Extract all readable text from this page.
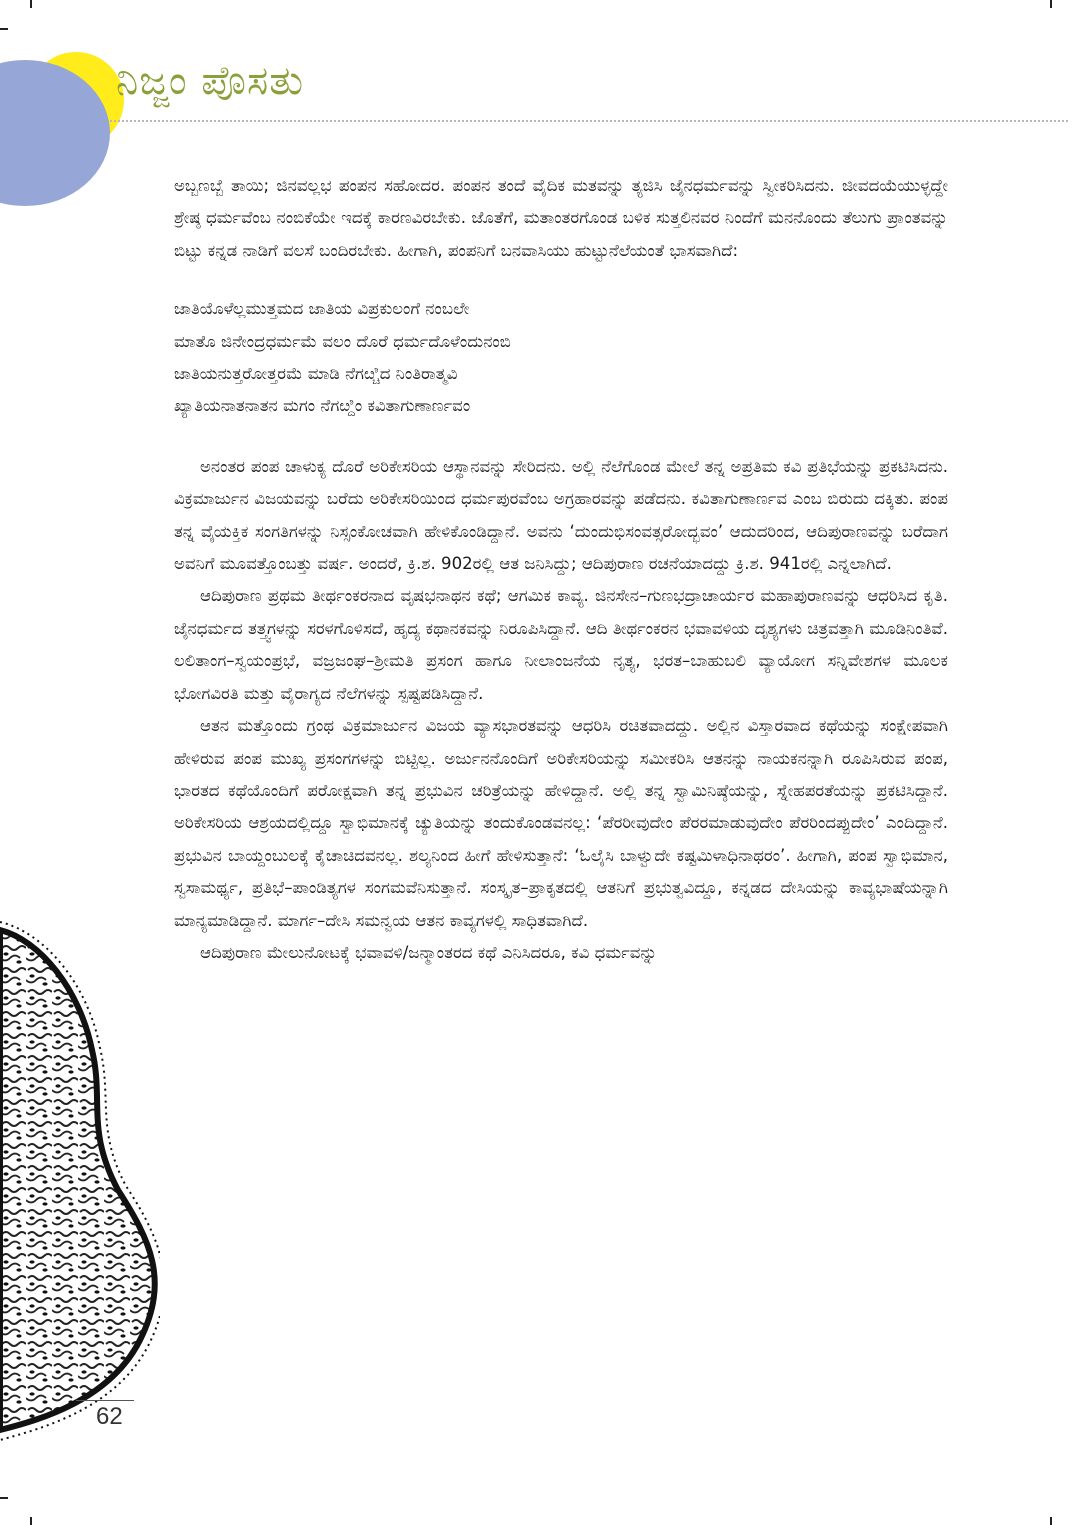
ನಿಜ್ಜಂ ಪೊಸತು

ಅಬ್ಬಣಬ್ಬೆ ತಾಯಿ; ಜಿನವಲ್ಲಭ ಪಂಪನ ಸಹೋದರ. ಪಂಪನ ತಂದೆ ವೈದಿಕ ಮತವನ್ನು ತ್ಯಜಿಸಿ ಜೈನಧರ್ಮವನ್ನು ಸ್ವೀಕರಿಸಿದನು. ಜೀವದಯೆಯುಳ್ಳದ್ದೇ ಶ್ರೇಷ್ಠ ಧರ್ಮವೆಂಬ ನಂಬಿಕೆಯೇ ಇದಕ್ಕೆ ಕಾರಣವಿರಬೇಕು. ಜೊತೆಗೆ, ಮತಾಂತರಗೊಂಡ ಬಳಿಕ ಸುತ್ತಲಿನವರ ನಿಂದೆಗೆ ಮನನೊಂದು ತೆಲುಗು ಪ್ರಾಂತವನ್ನು ಬಿಟ್ಟು ಕನ್ನಡ ನಾಡಿಗೆ ವಲಸೆ ಬಂದಿರಬೇಕು. ಹೀಗಾಗಿ, ಪಂಪನಿಗೆ ಬನವಾಸಿಯು ಹುಟ್ಟುನೆಲೆಯಂತೆ ಭಾಸವಾಗಿದೆ:

ಜಾತಿಯೊಳೆಲ್ಲಮುತ್ತಮದ ಜಾತಿಯ ವಿಪ್ರಕುಲಂಗೆ ನಂಬಲೇ
ಮಾತೊ ಜಿನೇಂದ್ರಧರ್ಮಮೆ ವಲಂ ದೊರೆ ಧರ್ಮದೊಳೆಂದುನಂಬಿ
ಜಾತಿಯನುತ್ತರೋತ್ತರಮೆ ಮಾಡಿ ನೆಗೞ್ಚಿದ ನಿಂತಿರಾತ್ಮವಿ
ಖ್ಯಾತಿಯನಾತನಾತನ ಮಗಂ ನೆಗೞ್ದಿಂ ಕವಿತಾಗುಣಾರ್ಣವಂ

ಅನಂತರ ಪಂಪ ಚಾಳುಕ್ಯ ದೊರೆ ಅರಿಕೇಸರಿಯ ಆಸ್ಥಾನವನ್ನು ಸೇರಿದನು. ಅಲ್ಲಿ ನೆಲೆಗೊಂಡ ಮೇಲೆ ತನ್ನ ಅಪ್ರತಿಮ ಕವಿ ಪ್ರತಿಭೆಯನ್ನು ಪ್ರಕಟಿಸಿದನು. ವಿಕ್ರಮಾರ್ಜುನ ವಿಜಯವನ್ನು ಬರೆದು ಅರಿಕೇಸರಿಯಿಂದ ಧರ್ಮಪುರವೆಂಬ ಅಗ್ರಹಾರವನ್ನು ಪಡೆದನು. ಕವಿತಾಗುಣಾರ್ಣವ ಎಂಬ ಬಿರುದು ದಕ್ಕಿತು. ಪಂಪ ತನ್ನ ವೈಯಕ್ತಿಕ ಸಂಗತಿಗಳನ್ನು ನಿಸ್ಸಂಕೋಚವಾಗಿ ಹೇಳಿಕೊಂಡಿದ್ದಾನೆ. ಅವನು ‘ದುಂದುಭಿಸಂವತ್ಸರೋದ್ಭವಂ’ ಆದುದರಿಂದ, ಆದಿಪುರಾಣವನ್ನು ಬರೆದಾಗ ಅವನಿಗೆ ಮೂವತ್ತೊಂಬತ್ತು ವರ್ಷ. ಅಂದರೆ, ಕ್ರಿ.ಶ. 902ರಲ್ಲಿ ಆತ ಜನಿಸಿದ್ದು; ಆದಿಪುರಾಣ ರಚನೆಯಾದದ್ದು ಕ್ರಿ.ಶ. 941ರಲ್ಲಿ ಎನ್ನಲಾಗಿದೆ.

ಆದಿಪುರಾಣ ಪ್ರಥಮ ತೀರ್ಥಂಕರನಾದ ವೃಷಭನಾಥನ ಕಥೆ; ಆಗಮಿಕ ಕಾವ್ಯ. ಜಿನಸೇನ–ಗುಣಭದ್ರಾಚಾರ್ಯರ ಮಹಾಪುರಾಣವನ್ನು ಆಧರಿಸಿದ ಕೃತಿ. ಜೈನಧರ್ಮದ ತತ್ತ್ವಗಳನ್ನು ಸರಳಗೊಳಿಸದೆ, ಹೃದ್ಯ ಕಥಾನಕವನ್ನು ನಿರೂಪಿಸಿದ್ದಾನೆ. ಆದಿ ತೀರ್ಥಂಕರನ ಭವಾವಳಿಯ ದೃಶ್ಯಗಳು ಚಿತ್ರವತ್ತಾಗಿ ಮೂಡಿನಿಂತಿವೆ. ಲಲಿತಾಂಗ–ಸ್ವಯಂಪ್ರಭೆ, ವಜ್ರಜಂಘ–ಶ್ರೀಮತಿ ಪ್ರಸಂಗ ಹಾಗೂ ನೀಲಾಂಜನೆಯ ನೃತ್ಯ, ಭರತ–ಬಾಹುಬಲಿ ವ್ಯಾಯೋಗ ಸನ್ನಿವೇಶಗಳ ಮೂಲಕ ಭೋಗವಿರತಿ ಮತ್ತು ವೈರಾಗ್ಯದ ನೆಲೆಗಳನ್ನು ಸ್ಪಷ್ಟಪಡಿಸಿದ್ದಾನೆ.

ಆತನ ಮತ್ತೊಂದು ಗ್ರಂಥ ವಿಕ್ರಮಾರ್ಜುನ ವಿಜಯ ವ್ಯಾಸಭಾರತವನ್ನು ಆಧರಿಸಿ ರಚಿತವಾದದ್ದು. ಅಲ್ಲಿನ ವಿಸ್ತಾರವಾದ ಕಥೆಯನ್ನು ಸಂಕ್ಷೇಪವಾಗಿ ಹೇಳಿರುವ ಪಂಪ ಮುಖ್ಯ ಪ್ರಸಂಗಗಳನ್ನು ಬಿಟ್ಟಿಲ್ಲ. ಅರ್ಜುನನೊಂದಿಗೆ ಅರಿಕೇಸರಿಯನ್ನು ಸಮೀಕರಿಸಿ ಆತನನ್ನು ನಾಯಕನನ್ನಾಗಿ ರೂಪಿಸಿರುವ ಪಂಪ, ಭಾರತದ ಕಥೆಯೊಂದಿಗೆ ಪರೋಕ್ಷವಾಗಿ ತನ್ನ ಪ್ರಭುವಿನ ಚರಿತ್ರೆಯನ್ನು ಹೇಳಿದ್ದಾನೆ. ಅಲ್ಲಿ ತನ್ನ ಸ್ವಾಮಿನಿಷ್ಠೆಯನ್ನು, ಸ್ನೇಹಪರತೆಯನ್ನು ಪ್ರಕಟಿಸಿದ್ದಾನೆ. ಅರಿಕೇಸರಿಯ ಆಶ್ರಯದಲ್ಲಿದ್ದೂ ಸ್ವಾಭಿಮಾನಕ್ಕೆ ಚ್ಯುತಿಯನ್ನು ತಂದುಕೊಂಡವನಲ್ಲ: ‘ಪೆರರೀವುದೇಂ ಪೆರರಮಾಡುವುದೇಂ ಪೆರರಿಂದಪ್ಪುದೇಂ’ ಎಂದಿದ್ದಾನೆ. ಪ್ರಭುವಿನ ಬಾಯ್ದಂಬುಲಕ್ಕೆ ಕೈಚಾಚಿದವನಲ್ಲ. ಶಲ್ಯನಿಂದ ಹೀಗೆ ಹೇಳಿಸುತ್ತಾನೆ: ‘ಓಲೈಸಿ ಬಾಳ್ವುದೇ ಕಷ್ಟಮಿಳಾಧಿನಾಥರಂ’. ಹೀಗಾಗಿ, ಪಂಪ ಸ್ವಾಭಿಮಾನ, ಸ್ವಸಾಮರ್ಥ್ಯ, ಪ್ರತಿಭೆ–ಪಾಂಡಿತ್ಯಗಳ ಸಂಗಮವೆನಿಸುತ್ತಾನೆ. ಸಂಸ್ಕೃತ–ಪ್ರಾಕೃತದಲ್ಲಿ ಆತನಿಗೆ ಪ್ರಭುತ್ವವಿದ್ದೂ, ಕನ್ನಡದ ದೇಸಿಯನ್ನು ಕಾವ್ಯಭಾಷೆಯನ್ನಾಗಿ ಮಾನ್ಯಮಾಡಿದ್ದಾನೆ. ಮಾರ್ಗ–ದೇಸಿ ಸಮನ್ವಯ ಆತನ ಕಾವ್ಯಗಳಲ್ಲಿ ಸಾಧಿತವಾಗಿದೆ.

ಆದಿಪುರಾಣ ಮೇಲುನೋಟಕ್ಕೆ ಭವಾವಳಿ/ಜನ್ಮಾಂತರದ ಕಥೆ ಎನಿಸಿದರೂ, ಕವಿ ಧರ್ಮವನ್ನು

62
